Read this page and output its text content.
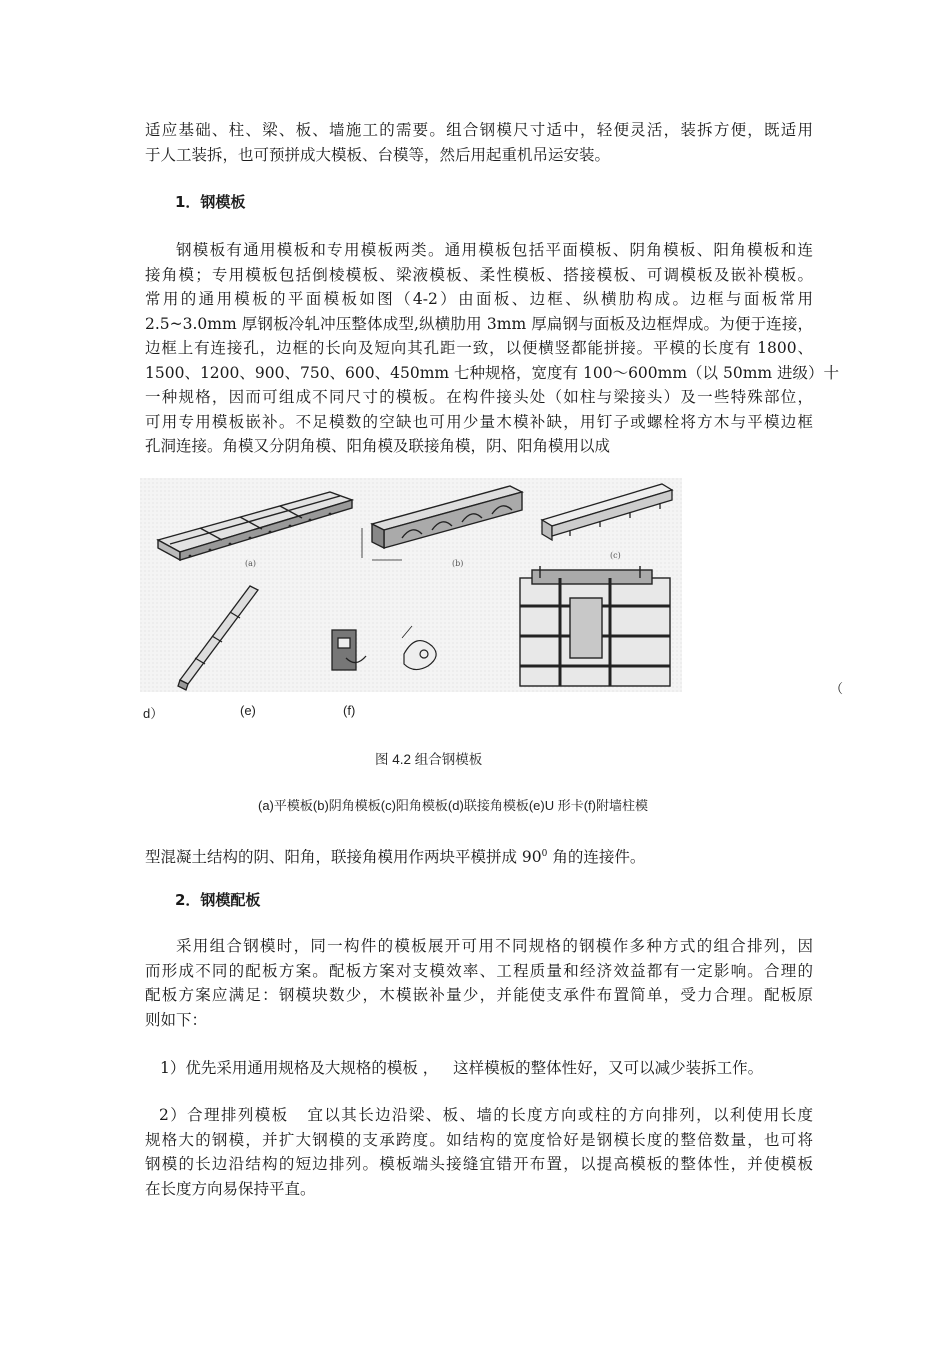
适应基础、柱、梁、板、墙施工的需要。组合钢模尺寸适中，轻便灵活，装拆方便，既适用
于人工装拆，也可预拼成大模板、台模等，然后用起重机吊运安装。
1．钢模板
钢模板有通用模板和专用模板两类。通用模板包括平面模板、阴角模板、阳角模板和连
接角模；专用模板包括倒棱模板、梁液模板、柔性模板、搭接模板、可调模板及嵌补模板。
常用的通用模板的平面模板如图（4-2）由面板、边框、纵横肋构成。边框与面板常用
2.5~3.0mm 厚钢板冷轧冲压整体成型,纵横肋用 3mm 厚扁钢与面板及边框焊成。为便于连接，
边框上有连接孔，边框的长向及短向其孔距一致，以便横竖都能拼接。平模的长度有 1800、
1500、1200、900、750、600、450mm 七种规格，宽度有 100～600mm（以 50mm 进级）十
一种规格，因而可组成不同尺寸的模板。在构件接头处（如柱与梁接头）及一些特殊部位，
可用专用模板嵌补。不足模数的空缺也可用少量木模补缺，用钉子或螺栓将方木与平模边框
孔洞连接。角模又分阴角模、阳角模及联接角模，阴、阳角模用以成
(a)	(b)
(c)
（
d）	(e)	(f)
图 4.2 组合钢模板
(a)平模板(b)阴角模板(c)阳角模板(d)联接角模板(e)U 形卡(f)附墙柱模
型混凝土结构的阴、阳角，联接角模用作两块平模拼成 $90^0$ 角的连接件。
2．钢模配板
采用组合钢模时，同一构件的模板展开可用不同规格的钢模作多种方式的组合排列，因
而形成不同的配板方案。配板方案对支模效率、工程质量和经济效益都有一定影响。合理的
配板方案应满足：钢模块数少，木模嵌补量少，并能使支承件布置简单，受力合理。配板原
则如下：
1）优先采用通用规格及大规格的模板 ，   这样模板的整体性好，又可以减少装拆工作。
2）合理排列模板   宜以其长边沿梁、板、墙的长度方向或柱的方向排列，以利使用长度
规格大的钢模，并扩大钢模的支承跨度。如结构的宽度恰好是钢模长度的整倍数量，也可将
钢模的长边沿结构的短边排列。模板端头接缝宜错开布置，以提高模板的整体性，并使模板
在长度方向易保持平直。
